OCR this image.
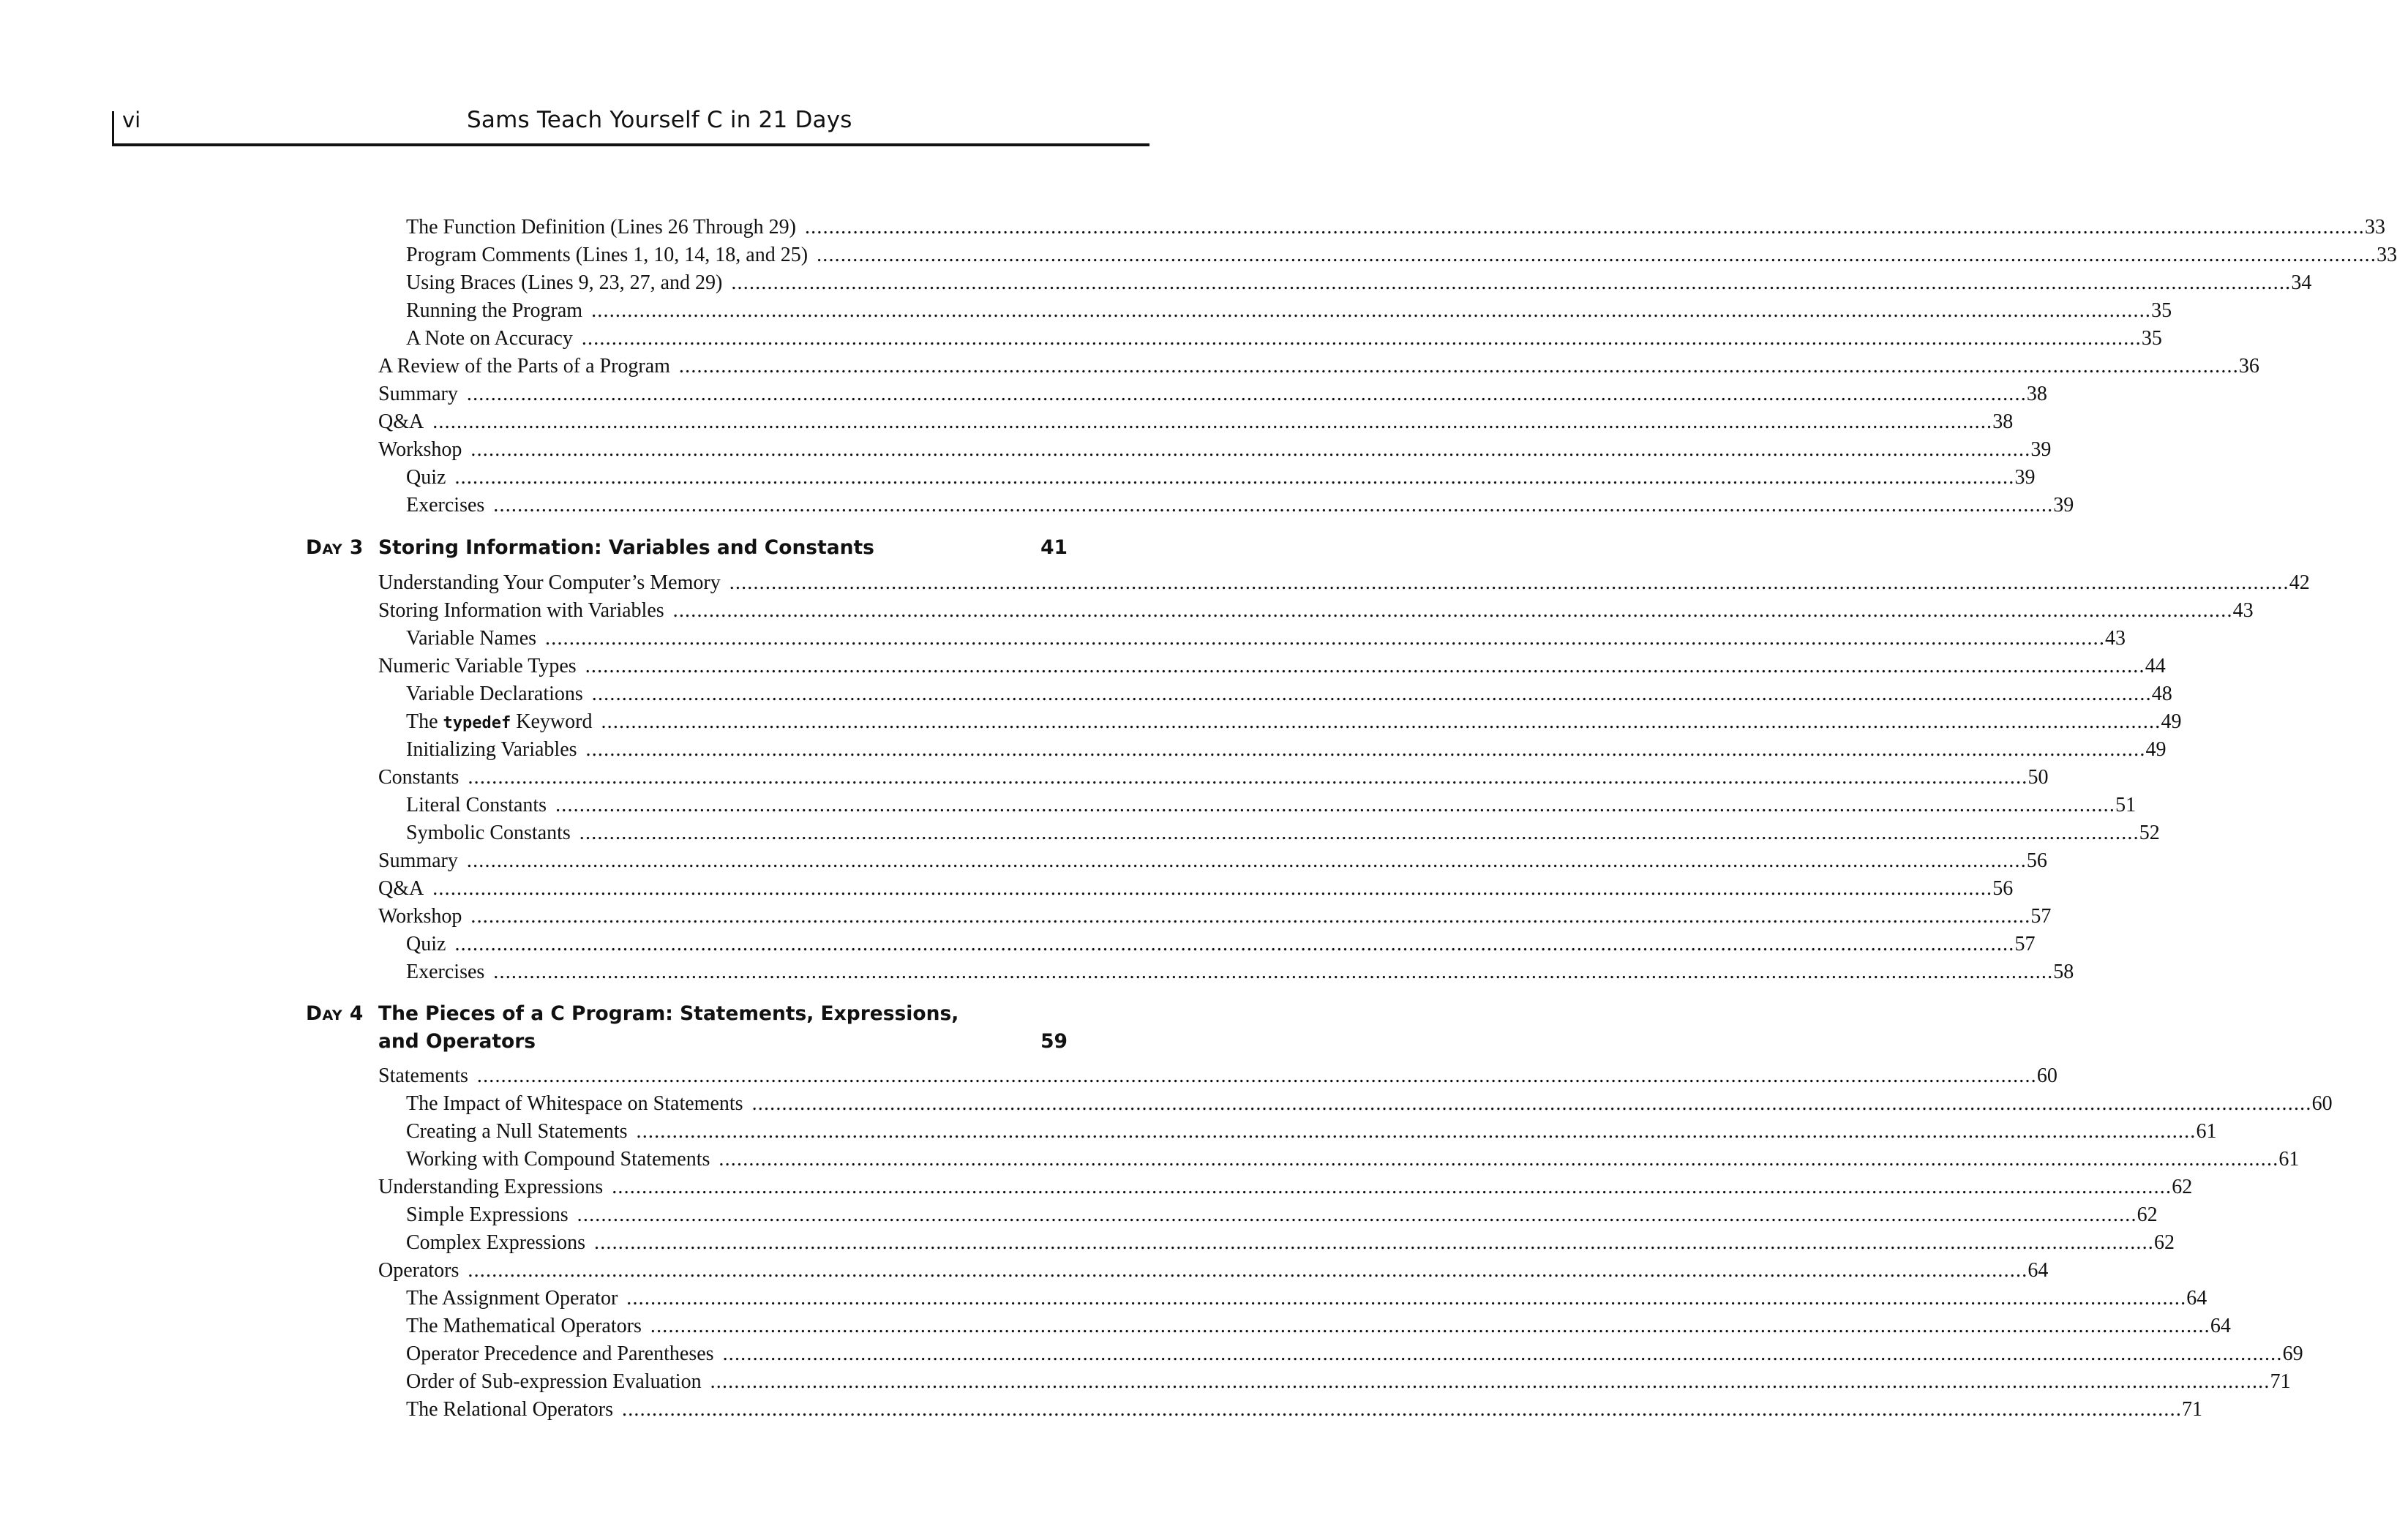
vi	Sams Teach Yourself C in 21 Days
The Function Definition (Lines 26 Through 29) .................................................................................................................................................................................................................................................................... 33
Program Comments (Lines 1, 10, 14, 18, and 25) .................................................................................................................................................................................................................................................................... 33
Using Braces (Lines 9, 23, 27, and 29) .................................................................................................................................................................................................................................................................... 34
Running the Program .................................................................................................................................................................................................................................................................... 35
A Note on Accuracy .................................................................................................................................................................................................................................................................... 35
A Review of the Parts of a Program .................................................................................................................................................................................................................................................................... 36
Summary .................................................................................................................................................................................................................................................................... 38
Q&A .................................................................................................................................................................................................................................................................... 38
Workshop .................................................................................................................................................................................................................................................................... 39
Quiz .................................................................................................................................................................................................................................................................... 39
Exercises .................................................................................................................................................................................................................................................................... 39
Day 3 Storing Information: Variables and Constants	41
Understanding Your Computer’s Memory .................................................................................................................................................................................................................................................................... 42
Storing Information with Variables .................................................................................................................................................................................................................................................................... 43
Variable Names .................................................................................................................................................................................................................................................................... 43
Numeric Variable Types .................................................................................................................................................................................................................................................................... 44
Variable Declarations .................................................................................................................................................................................................................................................................... 48
The typedef Keyword .................................................................................................................................................................................................................................................................... 49
Initializing Variables .................................................................................................................................................................................................................................................................... 49
Constants .................................................................................................................................................................................................................................................................... 50
Literal Constants .................................................................................................................................................................................................................................................................... 51
Symbolic Constants .................................................................................................................................................................................................................................................................... 52
Summary .................................................................................................................................................................................................................................................................... 56
Q&A .................................................................................................................................................................................................................................................................... 56
Workshop .................................................................................................................................................................................................................................................................... 57
Quiz .................................................................................................................................................................................................................................................................... 57
Exercises .................................................................................................................................................................................................................................................................... 58
Day 4 The Pieces of a C Program: Statements, Expressions,
and Operators	59
Statements .................................................................................................................................................................................................................................................................... 60
The Impact of Whitespace on Statements .................................................................................................................................................................................................................................................................... 60
Creating a Null Statements .................................................................................................................................................................................................................................................................... 61
Working with Compound Statements .................................................................................................................................................................................................................................................................... 61
Understanding Expressions .................................................................................................................................................................................................................................................................... 62
Simple Expressions .................................................................................................................................................................................................................................................................... 62
Complex Expressions .................................................................................................................................................................................................................................................................... 62
Operators .................................................................................................................................................................................................................................................................... 64
The Assignment Operator .................................................................................................................................................................................................................................................................... 64
The Mathematical Operators .................................................................................................................................................................................................................................................................... 64
Operator Precedence and Parentheses .................................................................................................................................................................................................................................................................... 69
Order of Sub-expression Evaluation .................................................................................................................................................................................................................................................................... 71
The Relational Operators .................................................................................................................................................................................................................................................................... 71
